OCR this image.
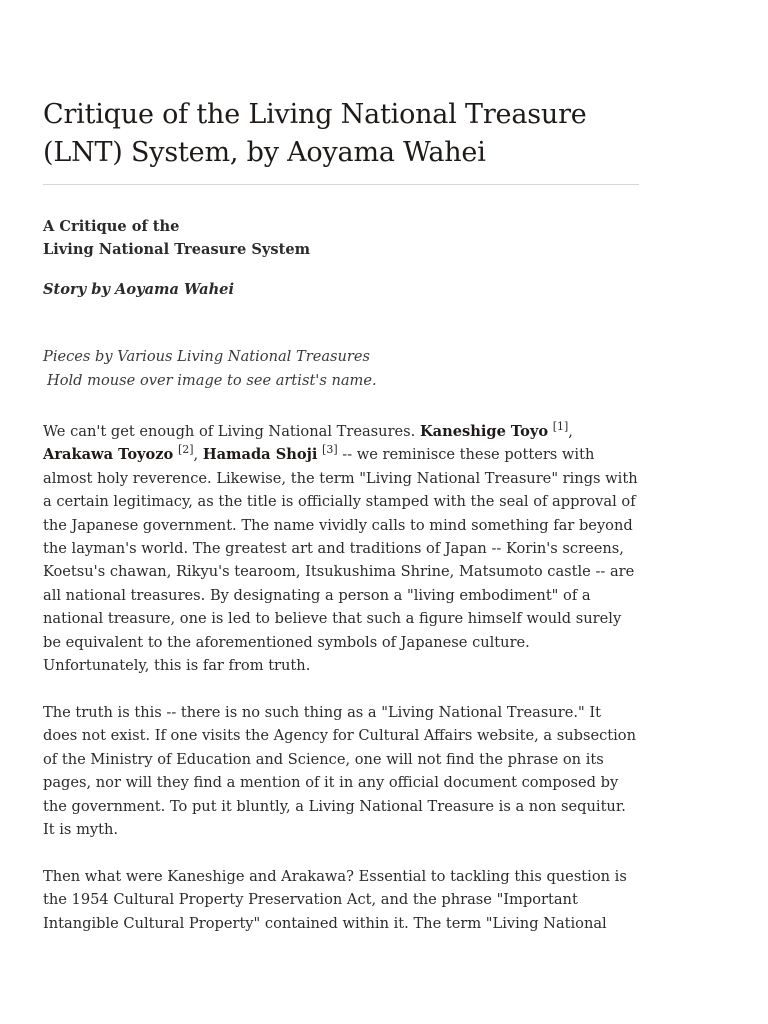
Critique of the Living National Treasure
(LNT) System, by Aoyama Wahei
A Critique of the
Living National Treasure System
Story by Aoyama Wahei
Pieces by Various Living National Treasures
Hold mouse over image to see artist's name.

We can't get enough of Living National Treasures. Kaneshige Toyo [1],
Arakawa Toyozo [2], Hamada Shoji [3] -- we reminisce these potters with almost holy reverence. Likewise, the term "Living National Treasure" rings with a certain legitimacy, as the title is officially stamped with the seal of approval of the Japanese government. The name vividly calls to mind something far beyond the layman's world. The greatest art and traditions of Japan -- Korin's screens, Koetsu's chawan, Rikyu's tearoom, Itsukushima Shrine, Matsumoto castle -- are all national treasures. By designating a person a "living embodiment" of a national treasure, one is led to believe that such a figure himself would surely be equivalent to the aforementioned symbols of Japanese culture. Unfortunately, this is far from truth.

The truth is this -- there is no such thing as a "Living National Treasure." It does not exist. If one visits the Agency for Cultural Affairs website, a subsection of the Ministry of Education and Science, one will not find the phrase on its pages, nor will they find a mention of it in any official document composed by the government. To put it bluntly, a Living National Treasure is a non sequitur. It is myth.

Then what were Kaneshige and Arakawa? Essential to tackling this question is the 1954 Cultural Property Preservation Act, and the phrase "Important Intangible Cultural Property" contained within it. The term "Living National
